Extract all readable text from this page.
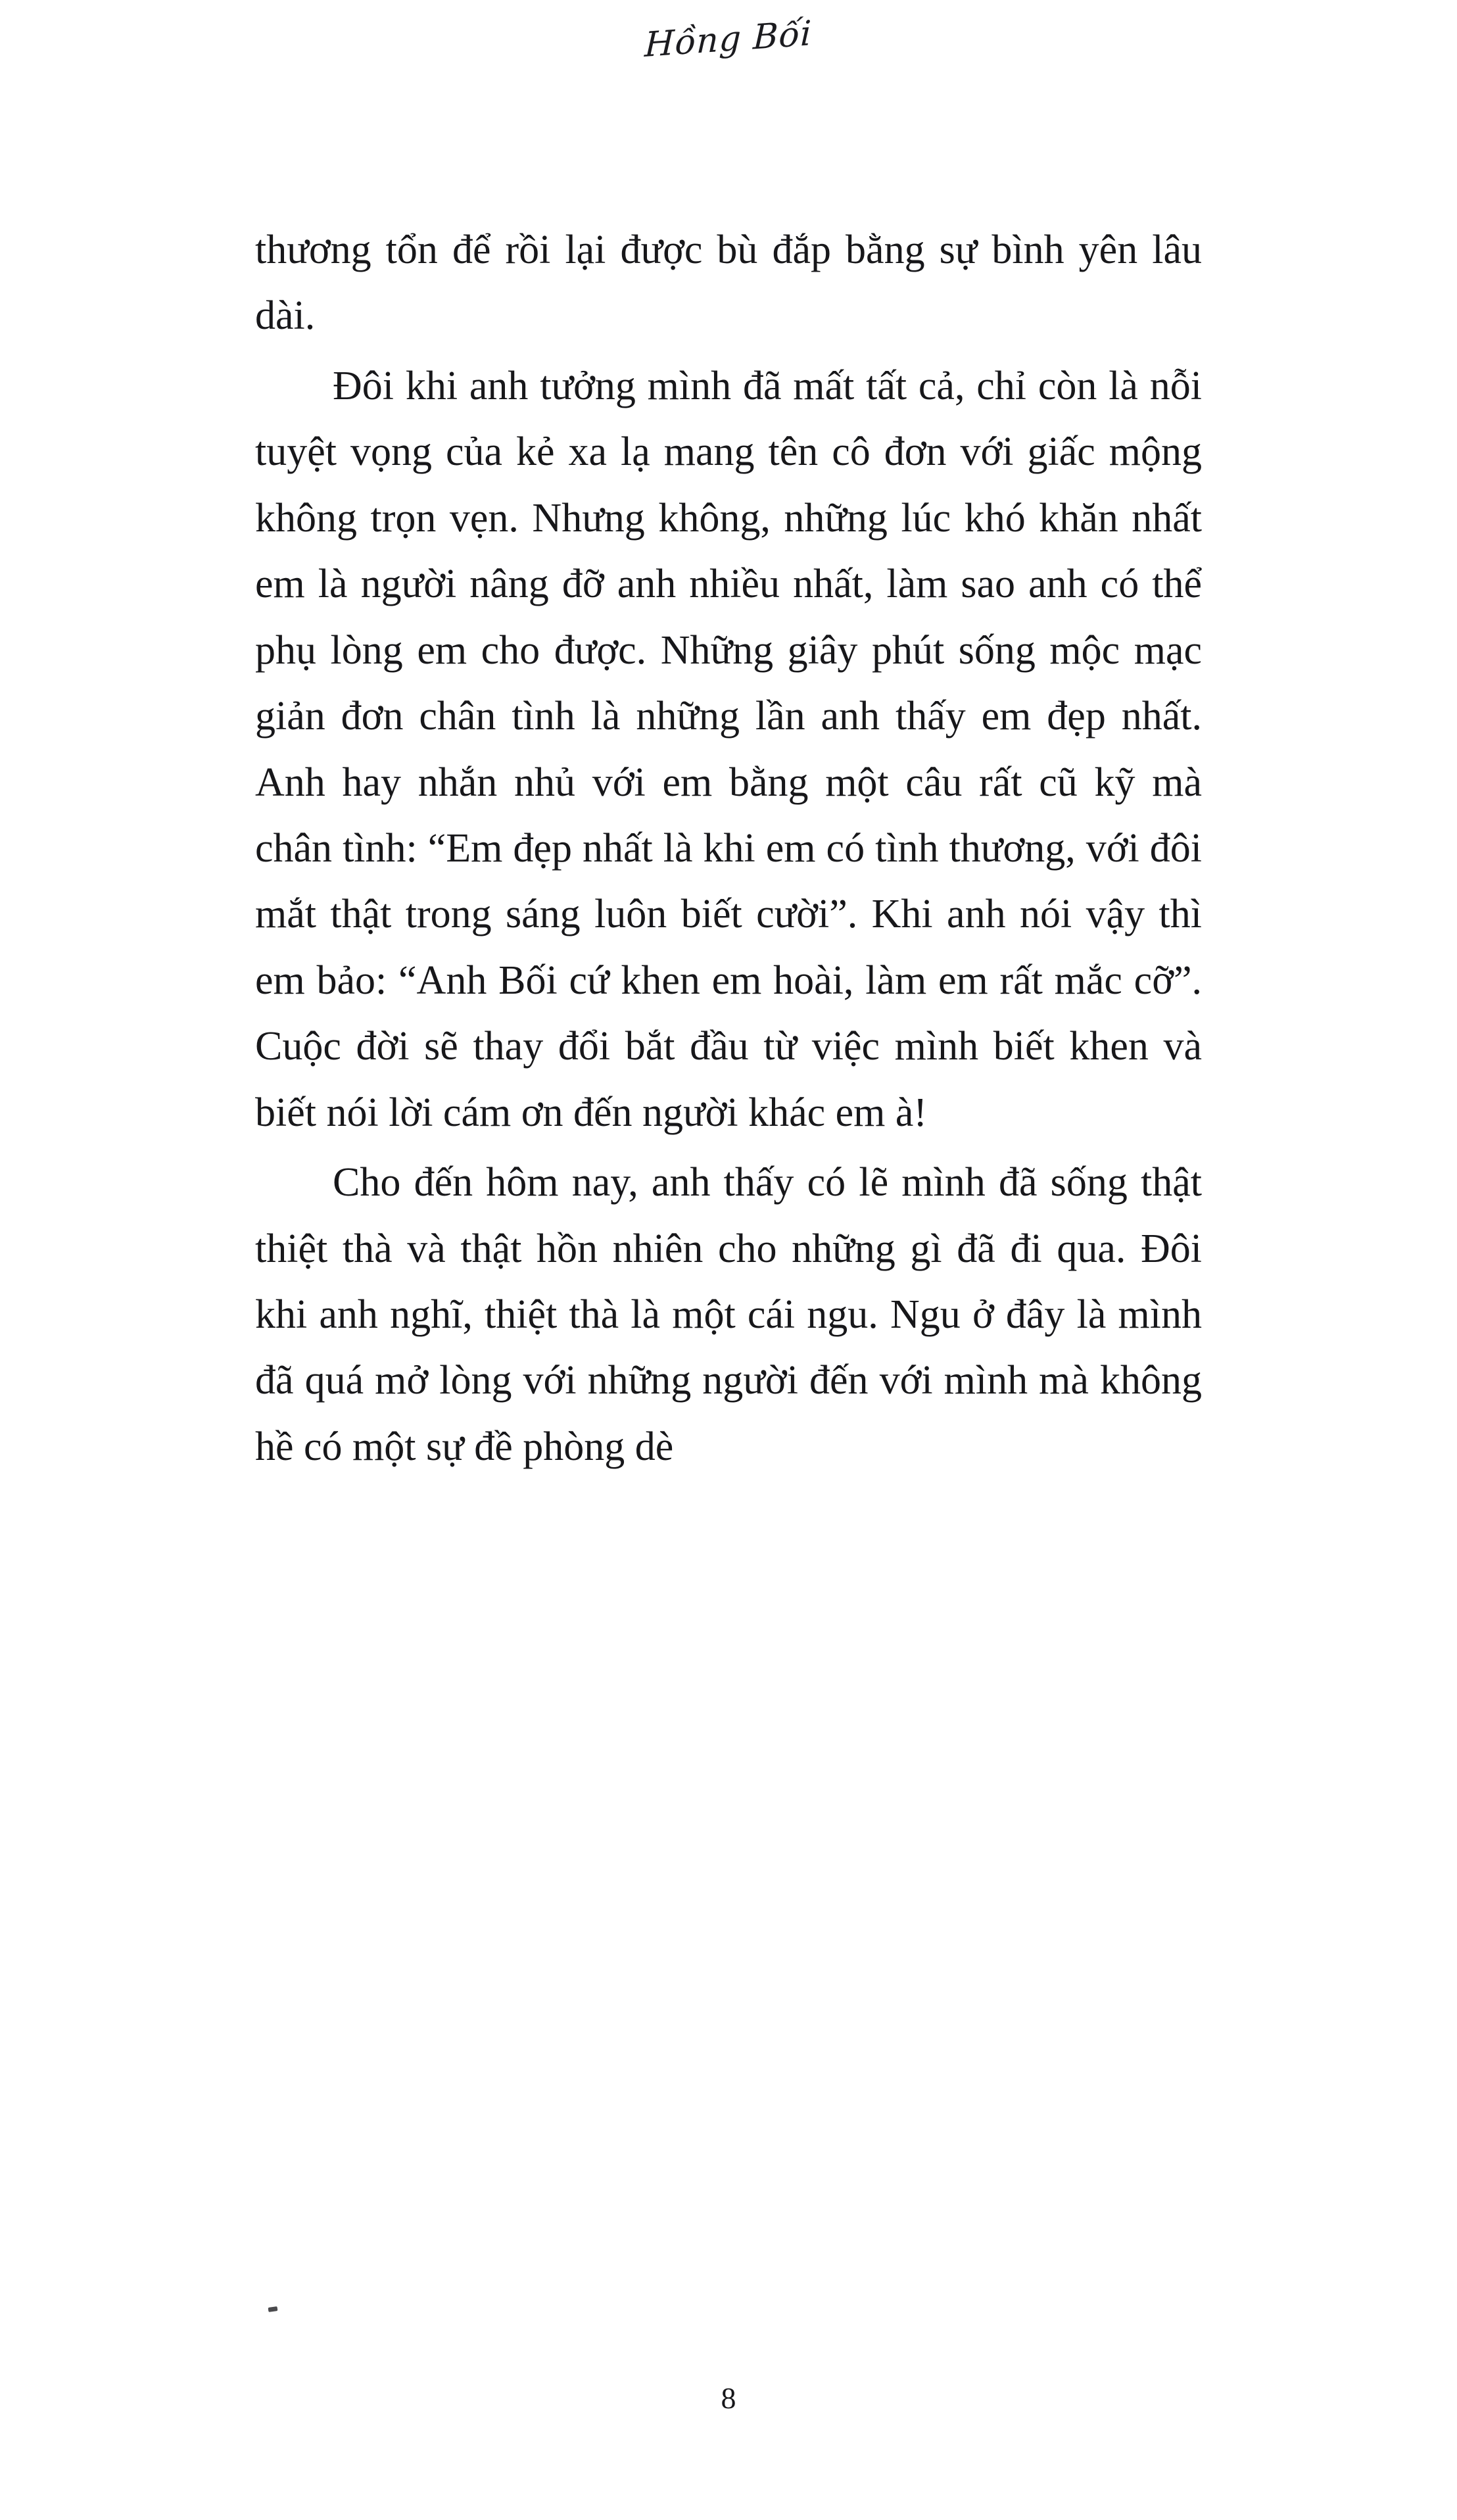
Hồng Bối

thương tổn để rồi lại được bù đắp bằng sự bình yên lâu dài.

Đôi khi anh tưởng mình đã mất tất cả, chỉ còn là nỗi tuyệt vọng của kẻ xa lạ mang tên cô đơn với giấc mộng không trọn vẹn. Nhưng không, những lúc khó khăn nhất em là người nâng đỡ anh nhiều nhất, làm sao anh có thể phụ lòng em cho được. Những giây phút sống mộc mạc giản đơn chân tình là những lần anh thấy em đẹp nhất. Anh hay nhắn nhủ với em bằng một câu rất cũ kỹ mà chân tình: “Em đẹp nhất là khi em có tình thương, với đôi mắt thật trong sáng luôn biết cười”. Khi anh nói vậy thì em bảo: “Anh Bối cứ khen em hoài, làm em rất mắc cỡ”. Cuộc đời sẽ thay đổi bắt đầu từ việc mình biết khen và biết nói lời cám ơn đến người khác em à!

Cho đến hôm nay, anh thấy có lẽ mình đã sống thật thiệt thà và thật hồn nhiên cho những gì đã đi qua. Đôi khi anh nghĩ, thiệt thà là một cái ngu. Ngu ở đây là mình đã quá mở lòng với những người đến với mình mà không hề có một sự đề phòng dè

8
